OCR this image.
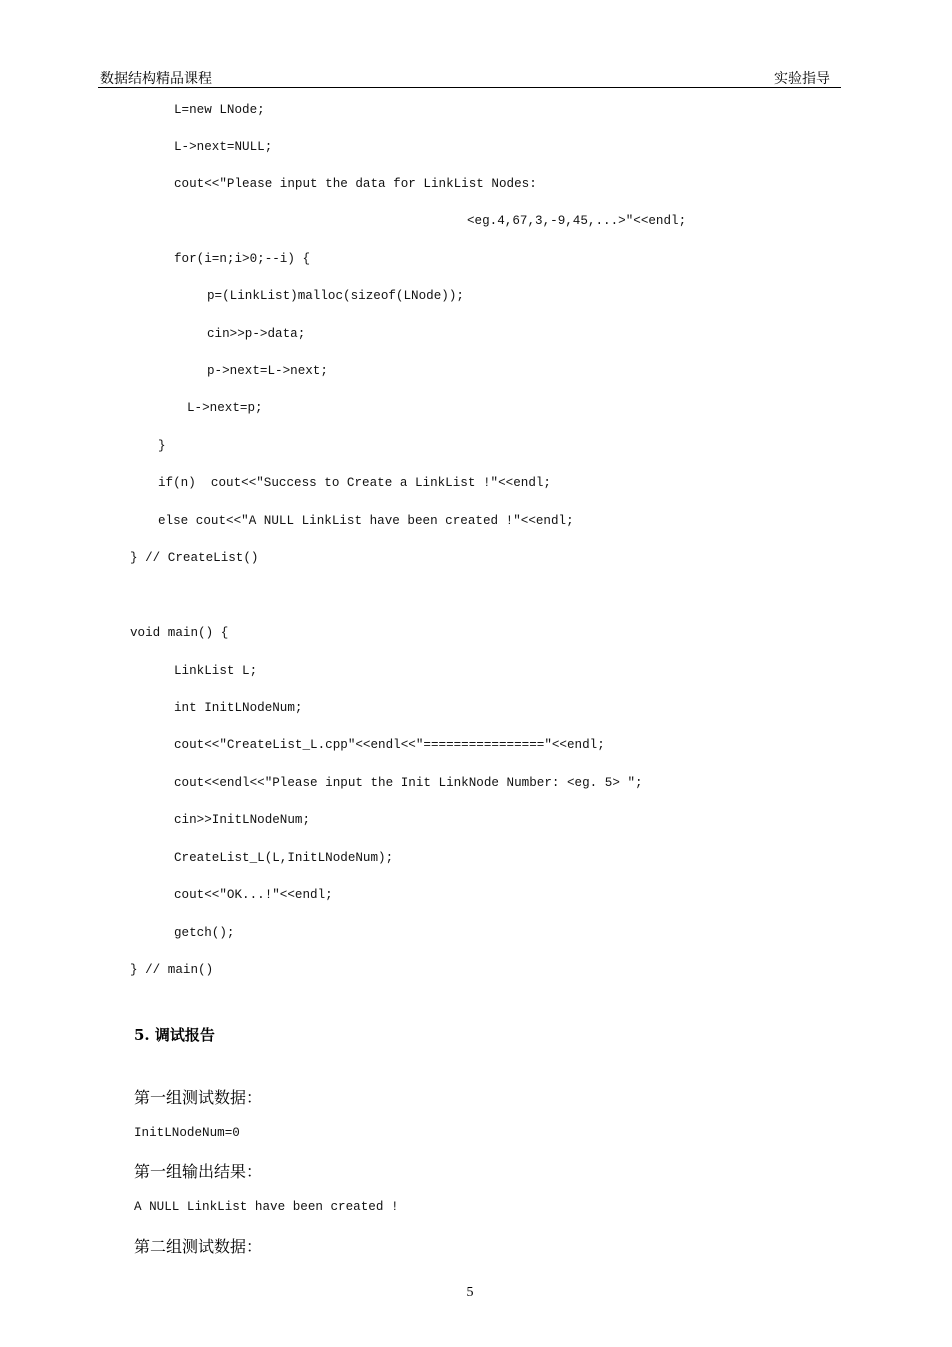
数据结构精品课程	实验指导
L=new LNode;
L->next=NULL;
cout<<"Please input the data for LinkList Nodes:
<eg.4,67,3,-9,45,...>"<<endl;
for(i=n;i>0;--i) {
p=(LinkList)malloc(sizeof(LNode));
cin>>p->data;
p->next=L->next;
L->next=p;
}
if(n)  cout<<"Success to Create a LinkList !"<<endl;
else cout<<"A NULL LinkList have been created !"<<endl;
} // CreateList()
void main() {
LinkList L;
int InitLNodeNum;
cout<<"CreateList_L.cpp"<<endl<<"================"<<endl;
cout<<endl<<"Please input the Init LinkNode Number: <eg. 5> ";
cin>>InitLNodeNum;
CreateList_L(L,InitLNodeNum);
cout<<"OK...!"<<endl;
getch();
} // main()
5. 调试报告
第一组测试数据：
InitLNodeNum=0
第一组输出结果：
A NULL LinkList have been created !
第二组测试数据：
5
